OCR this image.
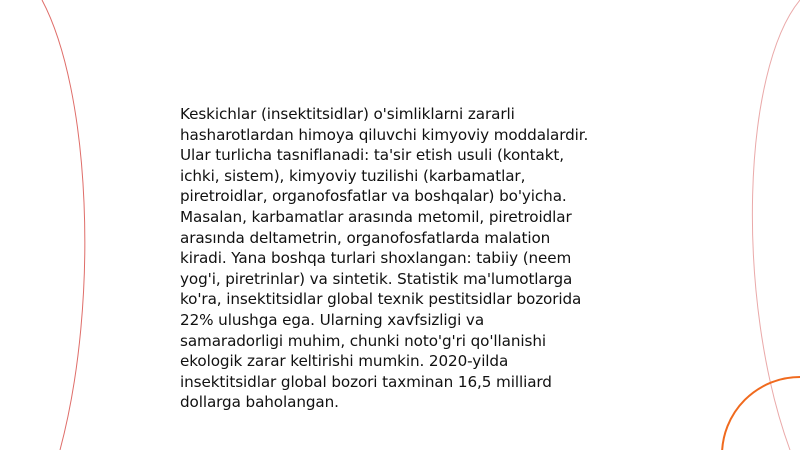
Keskichlar (insektitsidlar) o'simliklarni zararli
hasharotlardan himoya qiluvchi kimyoviy moddalardir.
Ular turlicha tasniflanadi: ta'sir etish usuli (kontakt,
ichki, sistem), kimyoviy tuzilishi (karbamatlar,
piretroidlar, organofosfatlar va boshqalar) bo'yicha.
Masalan, karbamatlar arasında metomil, piretroidlar
arasında deltametrin, organofosfatlarda malation
kiradi. Yana boshqa turlari shoxlangan: tabiiy (neem
yog'i, piretrinlar) va sintetik. Statistik ma'lumotlarga
ko'ra, insektitsidlar global texnik pestitsidlar bozorida
22% ulushga ega. Ularning xavfsizligi va
samaradorligi muhim, chunki noto'g'ri qo'llanishi
ekologik zarar keltirishi mumkin. 2020-yilda
insektitsidlar global bozori taxminan 16,5 milliard
dollarga baholangan.
